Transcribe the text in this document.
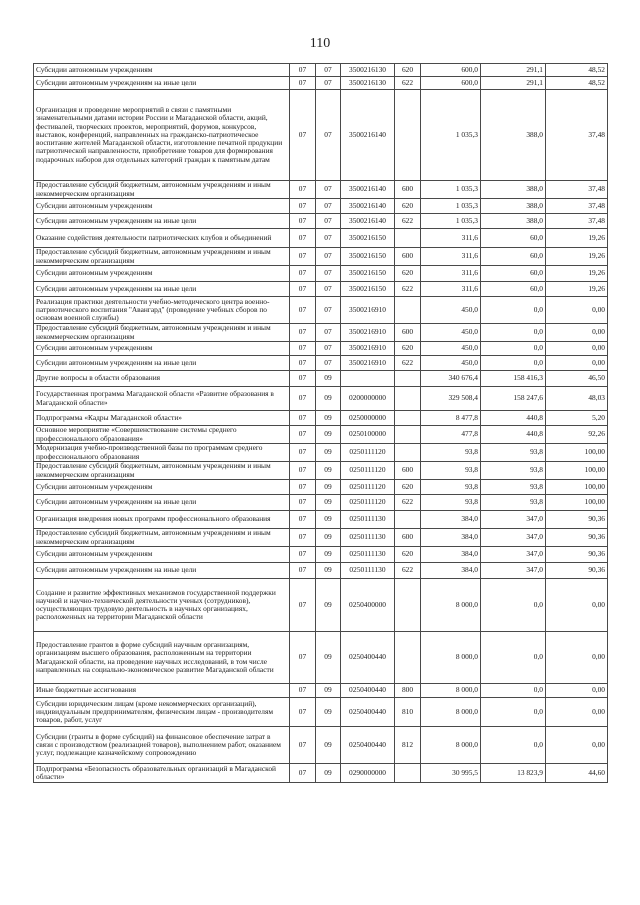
110
Субсидии автономным учреждениям	07	07	3500216130	620	600,0	291,1	48,52
Субсидии автономным учреждениям на иные цели	07	07	3500216130	622	600,0	291,1	48,52
Организация и проведение мероприятий в связи с памятными знаменательными датами истории России и Магаданской области, акций, фестивалей, творческих проектов, мероприятий, форумов, конкурсов, выставок, конференций, направленных на гражданско-патриотическое воспитание жителей Магаданской области, изготовление печатной продукции патриотической направленности, приобретение товаров для формирования подарочных наборов для отдельных категорий граждан к памятным датам	07	07	3500216140		1 035,3	388,0	37,48
Предоставление субсидий бюджетным, автономным учреждениям и иным некоммерческим организациям	07	07	3500216140	600	1 035,3	388,0	37,48
Субсидии автономным учреждениям	07	07	3500216140	620	1 035,3	388,0	37,48
Субсидии автономным учреждениям на иные цели	07	07	3500216140	622	1 035,3	388,0	37,48
Оказание содействия деятельности патриотических клубов и объединений	07	07	3500216150		311,6	60,0	19,26
Предоставление субсидий бюджетным, автономным учреждениям и иным некоммерческим организациям	07	07	3500216150	600	311,6	60,0	19,26
Субсидии автономным учреждениям	07	07	3500216150	620	311,6	60,0	19,26
Субсидии автономным учреждениям на иные цели	07	07	3500216150	622	311,6	60,0	19,26
Реализация практики деятельности учебно-методического центра военно-патриотического воспитания "Авангард" (проведение учебных сборов по основам военной службы)	07	07	3500216910		450,0	0,0	0,00
Предоставление субсидий бюджетным, автономным учреждениям и иным некоммерческим организациям	07	07	3500216910	600	450,0	0,0	0,00
Субсидии автономным учреждениям	07	07	3500216910	620	450,0	0,0	0,00
Субсидии автономным учреждениям на иные цели	07	07	3500216910	622	450,0	0,0	0,00
Другие вопросы в области образования	07	09			340 676,4	158 416,3	46,50
Государственная программа Магаданской области «Развитие образования в Магаданской области»	07	09	0200000000		329 508,4	158 247,6	48,03
Подпрограмма «Кадры Магаданской области»	07	09	0250000000		8 477,8	440,8	5,20
Основное мероприятие «Совершенствование системы среднего профессионального образования»	07	09	0250100000		477,8	440,8	92,26
Модернизация учебно-производственной базы по программам среднего профессионального образования	07	09	0250111120		93,8	93,8	100,00
Предоставление субсидий бюджетным, автономным учреждениям и иным некоммерческим организациям	07	09	0250111120	600	93,8	93,8	100,00
Субсидии автономным учреждениям	07	09	0250111120	620	93,8	93,8	100,00
Субсидии автономным учреждениям на иные цели	07	09	0250111120	622	93,8	93,8	100,00
Организация внедрения новых программ профессионального образования	07	09	0250111130		384,0	347,0	90,36
Предоставление субсидий бюджетным, автономным учреждениям и иным некоммерческим организациям	07	09	0250111130	600	384,0	347,0	90,36
Субсидии автономным учреждениям	07	09	0250111130	620	384,0	347,0	90,36
Субсидии автономным учреждениям на иные цели	07	09	0250111130	622	384,0	347,0	90,36
Создание и развитие эффективных механизмов государственной поддержки научной и научно-технической деятельности ученых (сотрудников), осуществляющих трудовую деятельность в научных организациях, расположенных на территории Магаданской области	07	09	0250400000		8 000,0	0,0	0,00
Предоставление грантов в форме субсидий научным организациям, организациям высшего образования, расположенным на территории Магаданской области, на проведение научных исследований, в том числе направленных на социально-экономическое развитие Магаданской области	07	09	0250400440		8 000,0	0,0	0,00
Иные бюджетные ассигнования	07	09	0250400440	800	8 000,0	0,0	0,00
Субсидии юридическим лицам (кроме некоммерческих организаций), индивидуальным предпринимателям, физическим лицам - производителям товаров, работ, услуг	07	09	0250400440	810	8 000,0	0,0	0,00
Субсидии (гранты в форме субсидий) на финансовое обеспечение затрат в связи с производством (реализацией товаров), выполнением работ, оказанием услуг, подлежащие казначейскому сопровождению	07	09	0250400440	812	8 000,0	0,0	0,00
Подпрограмма «Безопасность образовательных организаций в Магаданской области»	07	09	0290000000		30 995,5	13 823,9	44,60
